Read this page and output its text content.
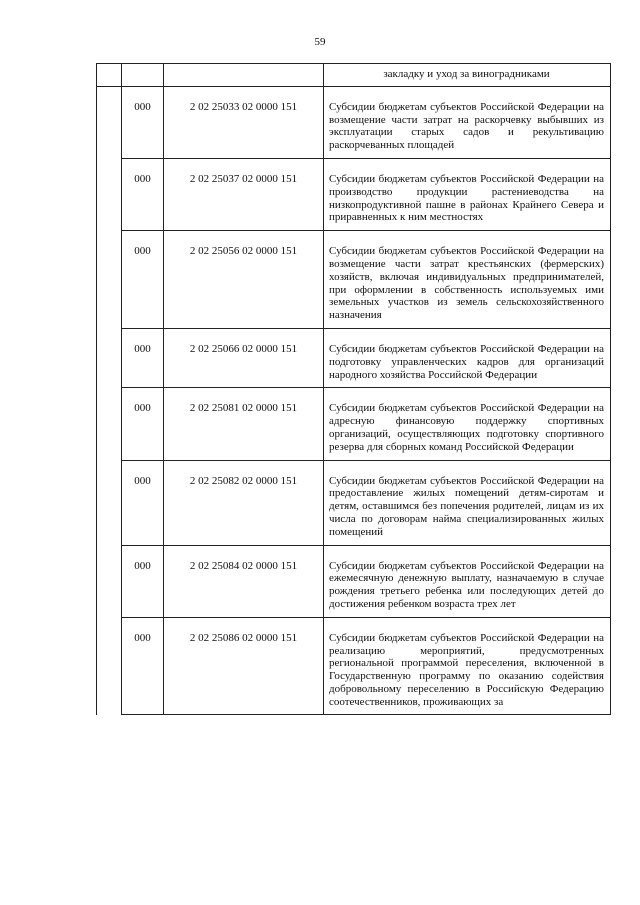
59
			закладку и уход за виноградниками
	000	2 02 25033 02 0000 151	Субсидии бюджетам субъектов Российской Федерации на возмещение части затрат на раскорчевку выбывших из эксплуатации старых садов и рекультивацию раскорчеванных площадей
	000	2 02 25037 02 0000 151	Субсидии бюджетам субъектов Российской Федерации на производство продукции растениеводства на низкопродуктивной пашне в районах Крайнего Севера и приравненных к ним местностях
	000	2 02 25056 02 0000 151	Субсидии бюджетам субъектов Российской Федерации на возмещение части затрат крестьянских (фермерских) хозяйств, включая индивидуальных предпринимателей, при оформлении в собственность используемых ими земельных участков из земель сельскохозяйственного назначения
	000	2 02 25066 02 0000 151	Субсидии бюджетам субъектов Российской Федерации на подготовку управленческих кадров для организаций народного хозяйства Российской Федерации
	000	2 02 25081 02 0000 151	Субсидии бюджетам субъектов Российской Федерации на адресную финансовую поддержку спортивных организаций, осуществляющих подготовку спортивного резерва для сборных команд Российской Федерации
	000	2 02 25082 02 0000 151	Субсидии бюджетам субъектов Российской Федерации на предоставление жилых помещений детям-сиротам и детям, оставшимся без попечения родителей, лицам из их числа по договорам найма специализированных жилых помещений
	000	2 02 25084 02 0000 151	Субсидии бюджетам субъектов Российской Федерации на ежемесячную денежную выплату, назначаемую в случае рождения третьего ребенка или последующих детей до достижения ребенком возраста трех лет
	000	2 02 25086 02 0000 151	Субсидии бюджетам субъектов Российской Федерации на реализацию мероприятий, предусмотренных региональной программой переселения, включенной в Государственную программу по оказанию содействия добровольному переселению в Российскую Федерацию соотечественников, проживающих за
